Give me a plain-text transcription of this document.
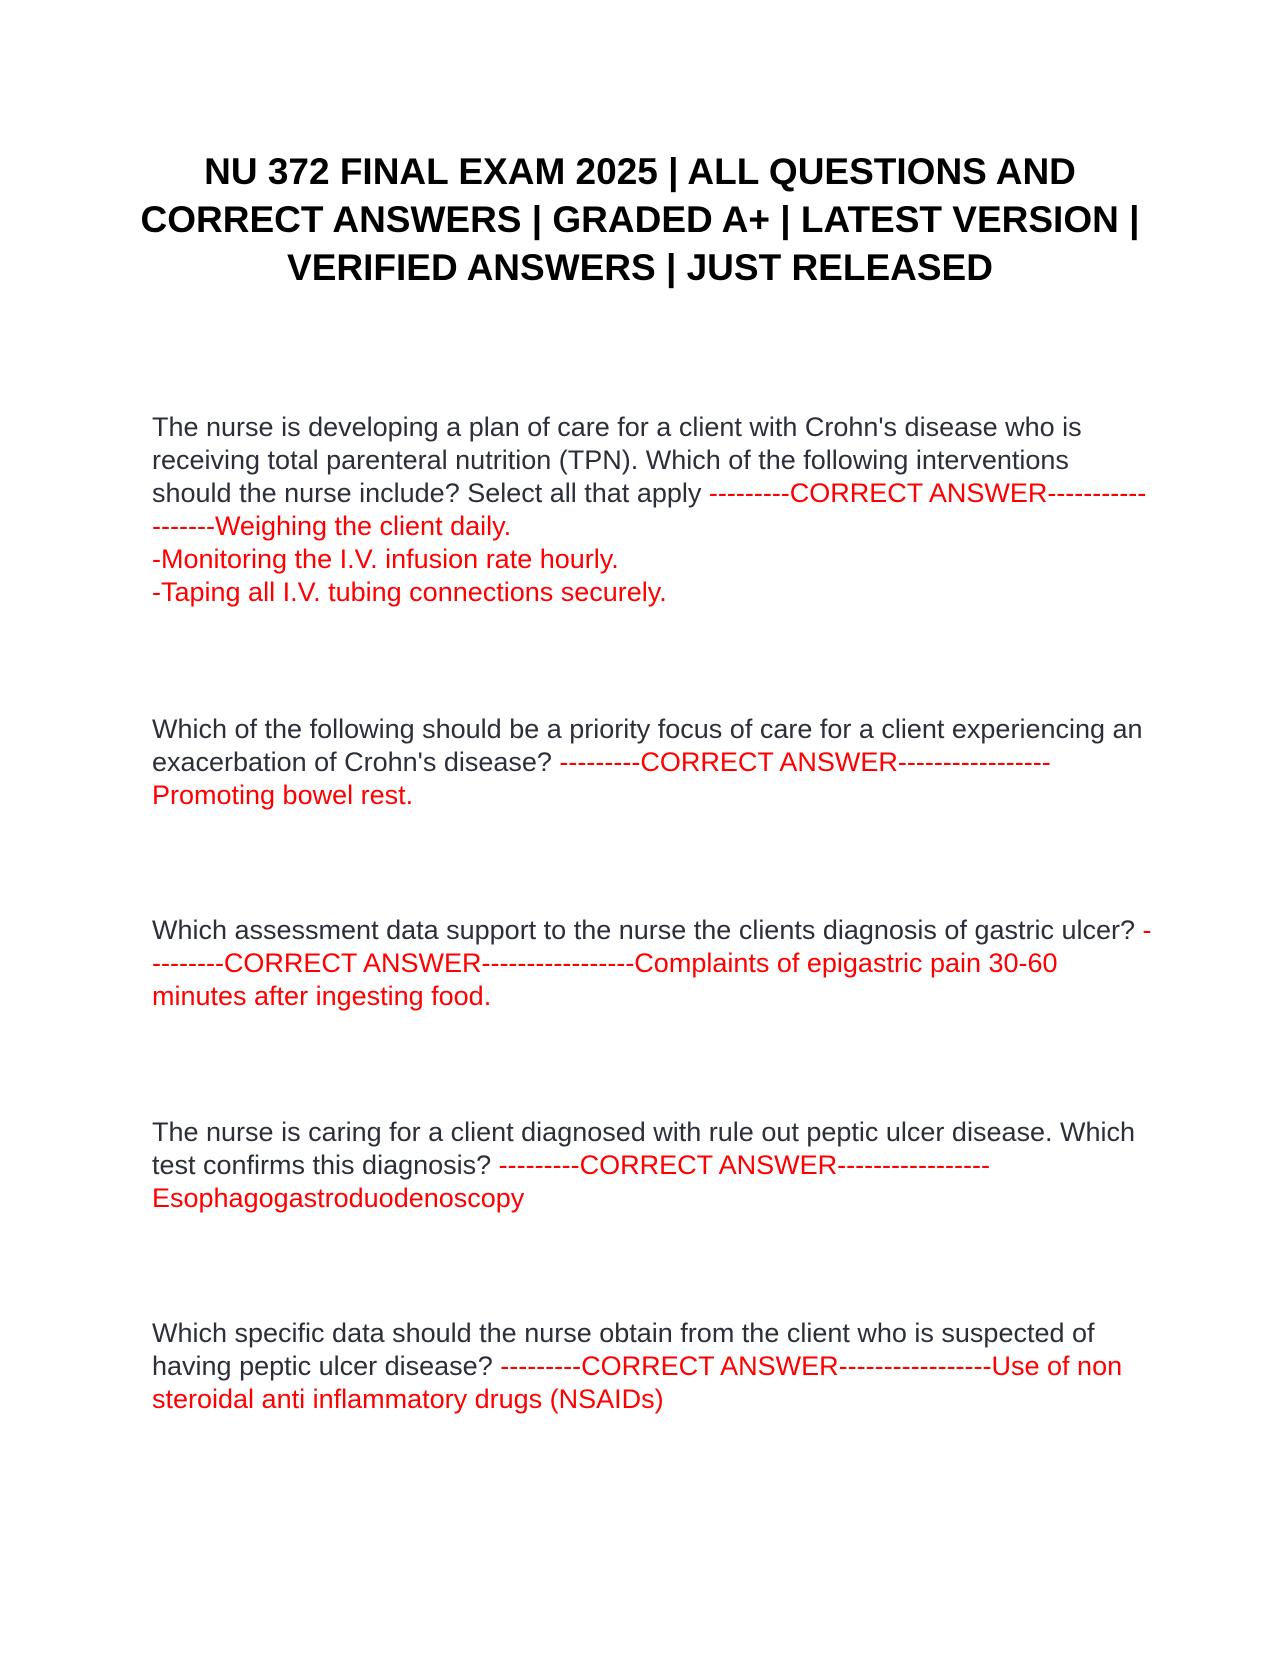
NU 372 FINAL EXAM 2025 | ALL QUESTIONS AND CORRECT ANSWERS | GRADED A+ | LATEST VERSION | VERIFIED ANSWERS | JUST RELEASED

The nurse is developing a plan of care for a client with Crohn's disease who is receiving total parenteral nutrition (TPN). Which of the following interventions should the nurse include? Select all that apply ---------CORRECT ANSWER------------------Weighing the client daily.
-Monitoring the I.V. infusion rate hourly.
-Taping all I.V. tubing connections securely.

Which of the following should be a priority focus of care for a client experiencing an exacerbation of Crohn's disease? ---------CORRECT ANSWER-----------------Promoting bowel rest.

Which assessment data support to the nurse the clients diagnosis of gastric ulcer? ---------CORRECT ANSWER-----------------Complaints of epigastric pain 30-60 minutes after ingesting food.

The nurse is caring for a client diagnosed with rule out peptic ulcer disease. Which test confirms this diagnosis? ---------CORRECT ANSWER-----------------Esophagogastroduodenoscopy

Which specific data should the nurse obtain from the client who is suspected of having peptic ulcer disease? ---------CORRECT ANSWER-----------------Use of non steroidal anti inflammatory drugs (NSAIDs)
